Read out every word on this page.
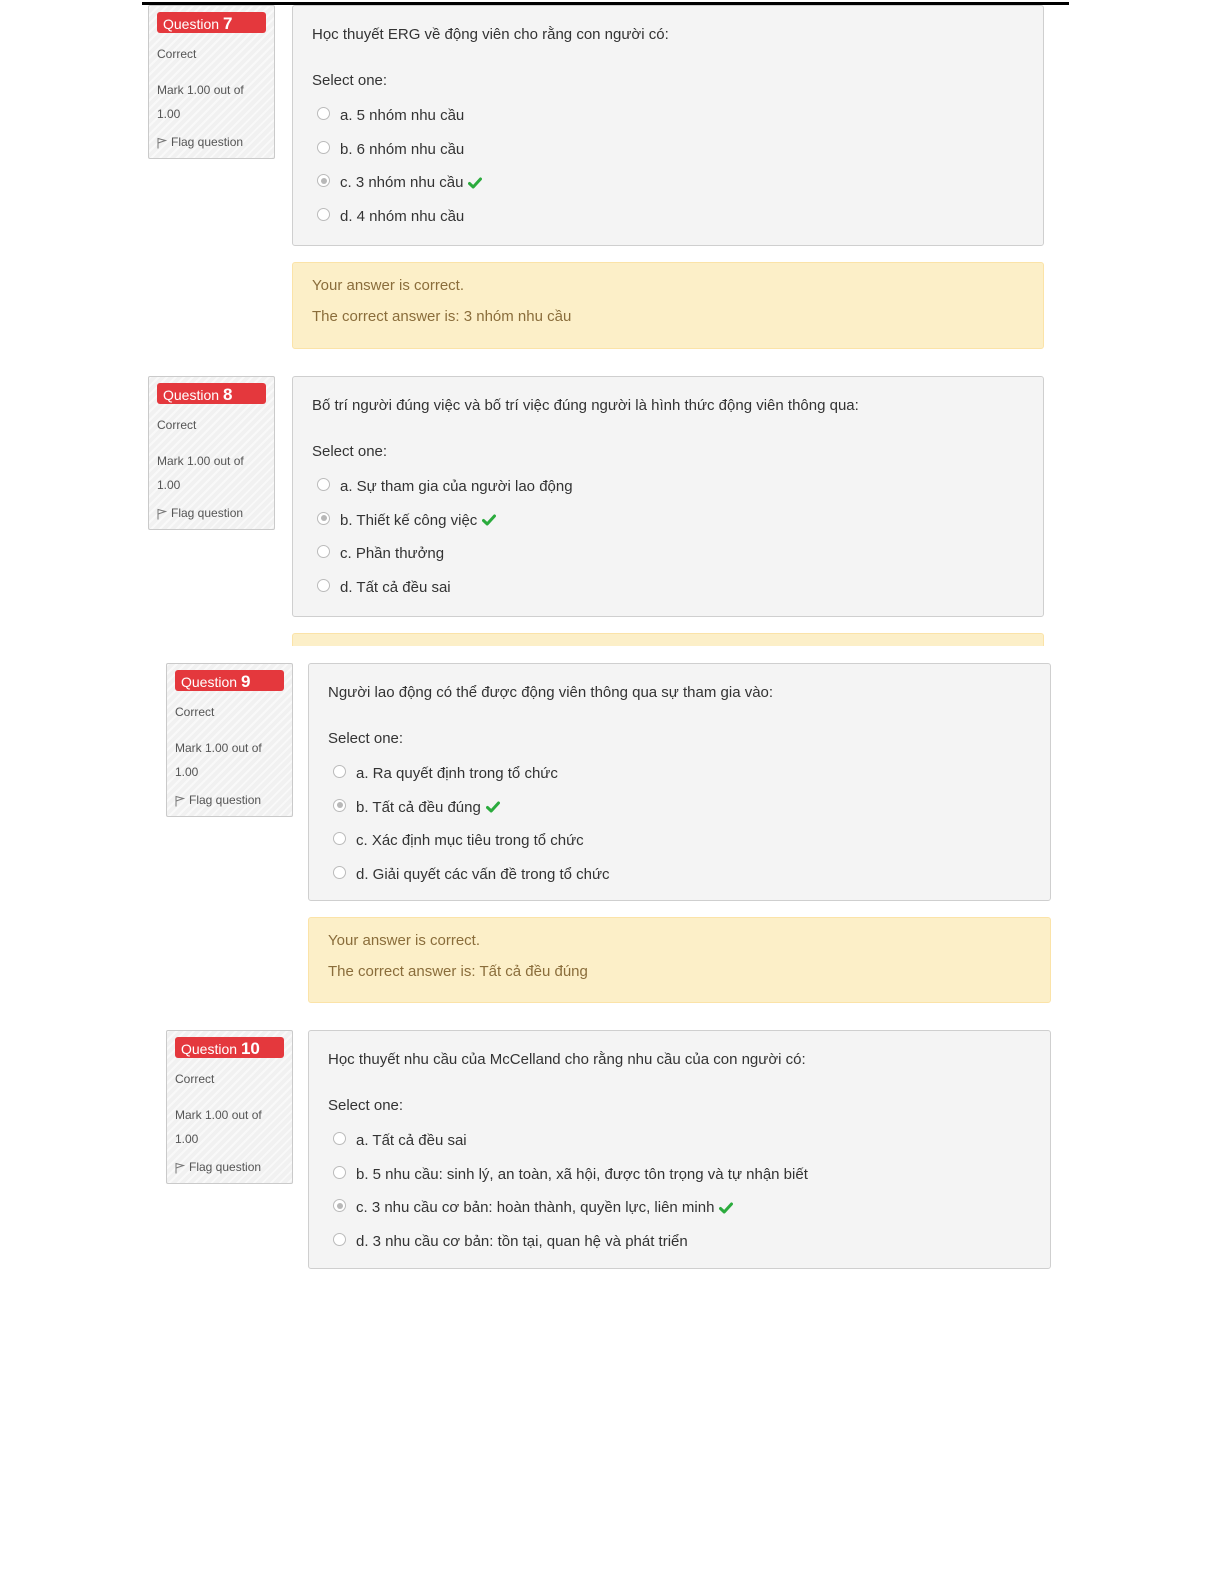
Question 7
Correct
Mark 1.00 out of 1.00
Flag question
Học thuyết ERG về động viên cho rằng con người có:
Select one:
a. 5 nhóm nhu cầu
b. 6 nhóm nhu cầu
c. 3 nhóm nhu cầu
d. 4 nhóm nhu cầu
Your answer is correct.
The correct answer is: 3 nhóm nhu cầu
Question 8
Correct
Mark 1.00 out of 1.00
Flag question
Bố trí người đúng việc và bố trí việc đúng người là hình thức động viên thông qua:
Select one:
a. Sự tham gia của người lao động
b. Thiết kế công việc
c. Phần thưởng
d. Tất cả đều sai
Question 9
Correct
Mark 1.00 out of 1.00
Flag question
Người lao động có thể được động viên thông qua sự tham gia vào:
Select one:
a. Ra quyết định trong tổ chức
b. Tất cả đều đúng
c. Xác định mục tiêu trong tổ chức
d. Giải quyết các vấn đề trong tổ chức
Your answer is correct.
The correct answer is: Tất cả đều đúng
Question 10
Correct
Mark 1.00 out of 1.00
Flag question
Học thuyết nhu cầu của McCelland cho rằng nhu cầu của con người có:
Select one:
a. Tất cả đều sai
b. 5 nhu cầu: sinh lý, an toàn, xã hội, được tôn trọng và tự nhận biết
c. 3 nhu cầu cơ bản: hoàn thành, quyền lực, liên minh
d. 3 nhu cầu cơ bản: tồn tại, quan hệ và phát triển
